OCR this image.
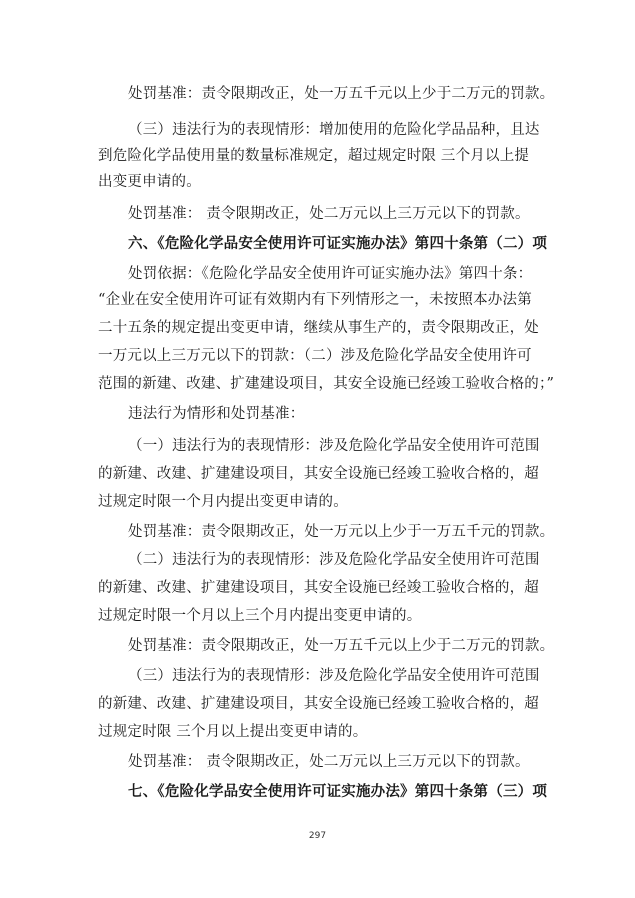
处罚基准：责令限期改正，处一万五千元以上少于二万元的罚款。
（三）违法行为的表现情形：增加使用的危险化学品品种，且达
到危险化学品使用量的数量标准规定，超过规定时限 三个月以上提
出变更申请的。
处罚基准： 责令限期改正，处二万元以上三万元以下的罚款。
六、《危险化学品安全使用许可证实施办法》第四十条第（二）项
处罚依据：《危险化学品安全使用许可证实施办法》第四十条：
“企业在安全使用许可证有效期内有下列情形之一，未按照本办法第
二十五条的规定提出变更申请，继续从事生产的，责令限期改正，处
一万元以上三万元以下的罚款：（二）涉及危险化学品安全使用许可
范围的新建、改建、扩建建设项目，其安全设施已经竣工验收合格的；”
违法行为情形和处罚基准：
（一）违法行为的表现情形：涉及危险化学品安全使用许可范围
的新建、改建、扩建建设项目，其安全设施已经竣工验收合格的，超
过规定时限一个月内提出变更申请的。
处罚基准：责令限期改正，处一万元以上少于一万五千元的罚款。
（二）违法行为的表现情形：涉及危险化学品安全使用许可范围
的新建、改建、扩建建设项目，其安全设施已经竣工验收合格的，超
过规定时限一个月以上三个月内提出变更申请的。
处罚基准：责令限期改正，处一万五千元以上少于二万元的罚款。
（三）违法行为的表现情形：涉及危险化学品安全使用许可范围
的新建、改建、扩建建设项目，其安全设施已经竣工验收合格的，超
过规定时限 三个月以上提出变更申请的。
处罚基准： 责令限期改正，处二万元以上三万元以下的罚款。
七、《危险化学品安全使用许可证实施办法》第四十条第（三）项
297
